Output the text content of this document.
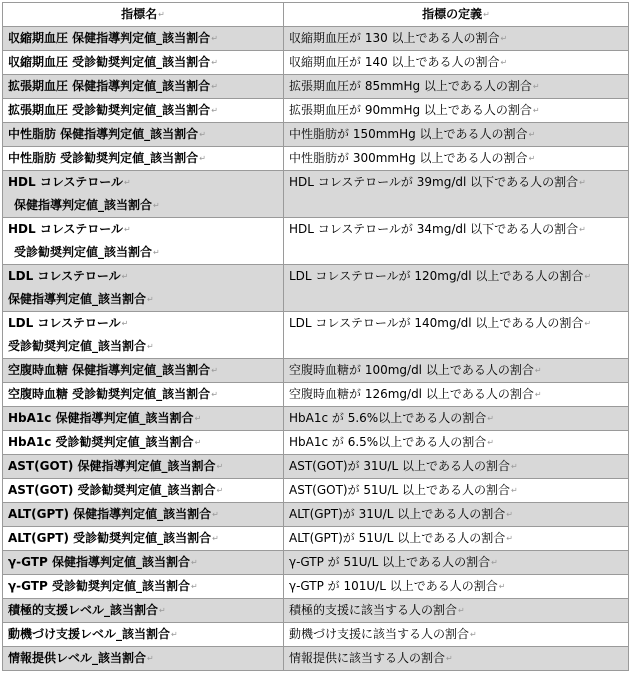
指標名↵	指標の定義↵

収縮期血圧 保健指導判定値_該当割合↵	収縮期血圧が 130 以上である人の割合↵

収縮期血圧 受診勧奨判定値_該当割合↵	収縮期血圧が 140 以上である人の割合↵

拡張期血圧 保健指導判定値_該当割合↵	拡張期血圧が 85mmHg 以上である人の割合↵

拡張期血圧 受診勧奨判定値_該当割合↵	拡張期血圧が 90mmHg 以上である人の割合↵

中性脂肪 保健指導判定値_該当割合↵	中性脂肪が 150mmHg 以上である人の割合↵

中性脂肪 受診勧奨判定値_該当割合↵	中性脂肪が 300mmHg 以上である人の割合↵

HDL コレステロール↵
保健指導判定値_該当割合↵	HDL コレステロールが 39mg/dl 以下である人の割合↵

HDL コレステロール↵
受診勧奨判定値_該当割合↵	HDL コレステロールが 34mg/dl 以下である人の割合↵

LDL コレステロール↵
保健指導判定値_該当割合↵	LDL コレステロールが 120mg/dl 以上である人の割合↵

LDL コレステロール↵
受診勧奨判定値_該当割合↵	LDL コレステロールが 140mg/dl 以上である人の割合↵

空腹時血糖 保健指導判定値_該当割合↵	空腹時血糖が 100mg/dl 以上である人の割合↵

空腹時血糖 受診勧奨判定値_該当割合↵	空腹時血糖が 126mg/dl 以上である人の割合↵

HbA1c 保健指導判定値_該当割合↵	HbA1c が 5.6%以上である人の割合↵

HbA1c 受診勧奨判定値_該当割合↵	HbA1c が 6.5%以上である人の割合↵

AST(GOT) 保健指導判定値_該当割合↵	AST(GOT)が 31U/L 以上である人の割合↵

AST(GOT) 受診勧奨判定値_該当割合↵	AST(GOT)が 51U/L 以上である人の割合↵

ALT(GPT) 保健指導判定値_該当割合↵	ALT(GPT)が 31U/L 以上である人の割合↵

ALT(GPT) 受診勧奨判定値_該当割合↵	ALT(GPT)が 51U/L 以上である人の割合↵

γ-GTP 保健指導判定値_該当割合↵	γ-GTP が 51U/L 以上である人の割合↵

γ-GTP 受診勧奨判定値_該当割合↵	γ-GTP が 101U/L 以上である人の割合↵

積極的支援レベル_該当割合↵	積極的支援に該当する人の割合↵

動機づけ支援レベル_該当割合↵	動機づけ支援に該当する人の割合↵

情報提供レベル_該当割合↵	情報提供に該当する人の割合↵
